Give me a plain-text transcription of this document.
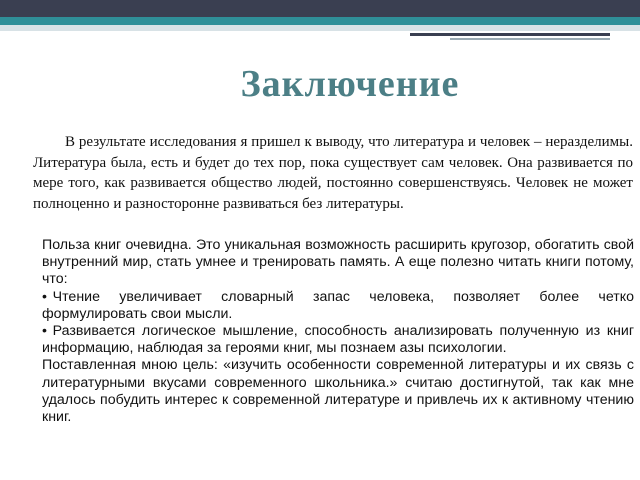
Заключение

В результате исследования я пришел к выводу, что литература и человек – неразделимы. Литература была, есть и будет до тех пор, пока существует сам человек. Она развивается по мере того, как развивается общество людей, постоянно совершенствуясь. Человек не может полноценно и разносторонне развиваться без литературы.

Польза книг очевидна. Это уникальная возможность расширить кругозор, обогатить свой внутренний мир, стать умнее и тренировать память. А еще полезно читать книги потому, что:

• Чтение увеличивает словарный запас человека, позволяет более четко формулировать свои мысли.

• Развивается логическое мышление, способность анализировать полученную из книг информацию, наблюдая за героями книг, мы познаем азы психологии.

Поставленная мною цель: «изучить особенности современной литературы и их связь с литературными вкусами современного школьника.» считаю достигнутой, так как мне удалось побудить интерес к современной литературе и привлечь их к активному чтению книг.
